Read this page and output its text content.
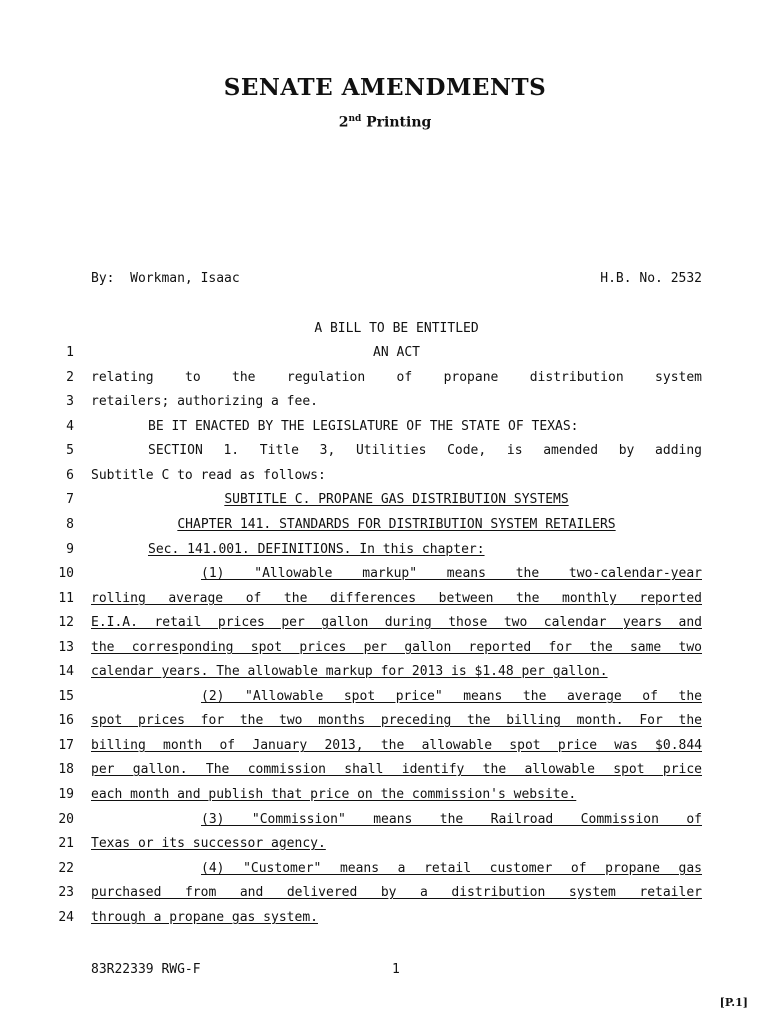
SENATE AMENDMENTS
2nd Printing
By:  Workman, Isaac	H.B. No. 2532
A BILL TO BE ENTITLED
1	AN ACT
2 relating to the regulation of propane distribution system
3 retailers; authorizing a fee.
4	BE IT ENACTED BY THE LEGISLATURE OF THE STATE OF TEXAS:
5	SECTION 1. Title 3, Utilities Code, is amended by adding
6 Subtitle C to read as follows:
7	SUBTITLE C. PROPANE GAS DISTRIBUTION SYSTEMS
8	CHAPTER 141. STANDARDS FOR DISTRIBUTION SYSTEM RETAILERS
9	Sec. 141.001. DEFINITIONS. In this chapter:
10	(1) "Allowable markup" means the two-calendar-year
11 rolling average of the differences between the monthly reported
12 E.I.A. retail prices per gallon during those two calendar years and
13 the corresponding spot prices per gallon reported for the same two
14 calendar years. The allowable markup for 2013 is $1.48 per gallon.
15	(2) "Allowable spot price" means the average of the
16 spot prices for the two months preceding the billing month. For the
17 billing month of January 2013, the allowable spot price was $0.844
18 per gallon. The commission shall identify the allowable spot price
19 each month and publish that price on the commission's website.
20	(3) "Commission" means the Railroad Commission of
21 Texas or its successor agency.
22	(4) "Customer" means a retail customer of propane gas
23 purchased from and delivered by a distribution system retailer
24 through a propane gas system.
83R22339 RWG-F	1
[P.1]
